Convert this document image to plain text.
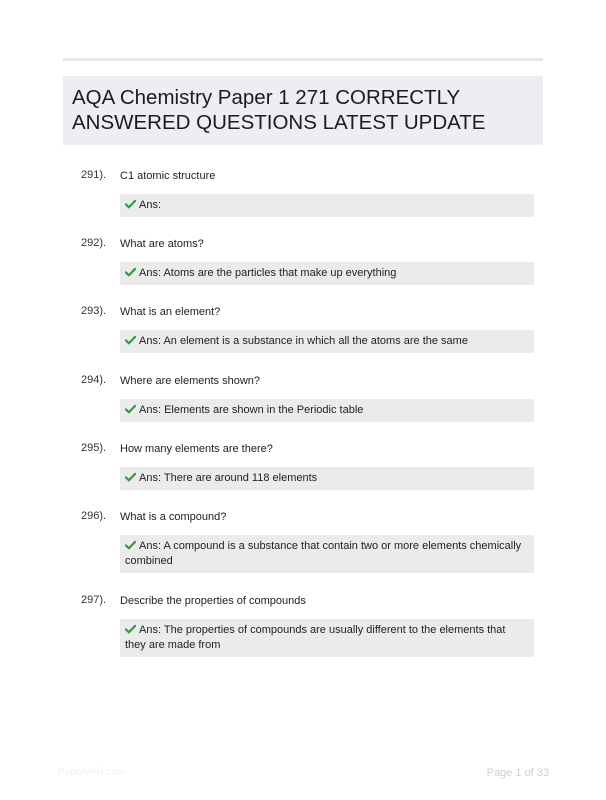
AQA Chemistry Paper 1 271 CORRECTLY ANSWERED QUESTIONS LATEST UPDATE
291). C1 atomic structure
Ans:
292). What are atoms?
Ans: Atoms are the particles that make up everything
293). What is an element?
Ans: An element is a substance in which all the atoms are the same
294). Where are elements shown?
Ans: Elements are shown in the Periodic table
295). How many elements are there?
Ans: There are around 118 elements
296). What is a compound?
Ans: A compound is a substance that contain two or more elements chemically combined
297). Describe the properties of compounds
Ans: The properties of compounds are usually different to the elements that they are made from
PaperWiki.com	Page 1 of 33
